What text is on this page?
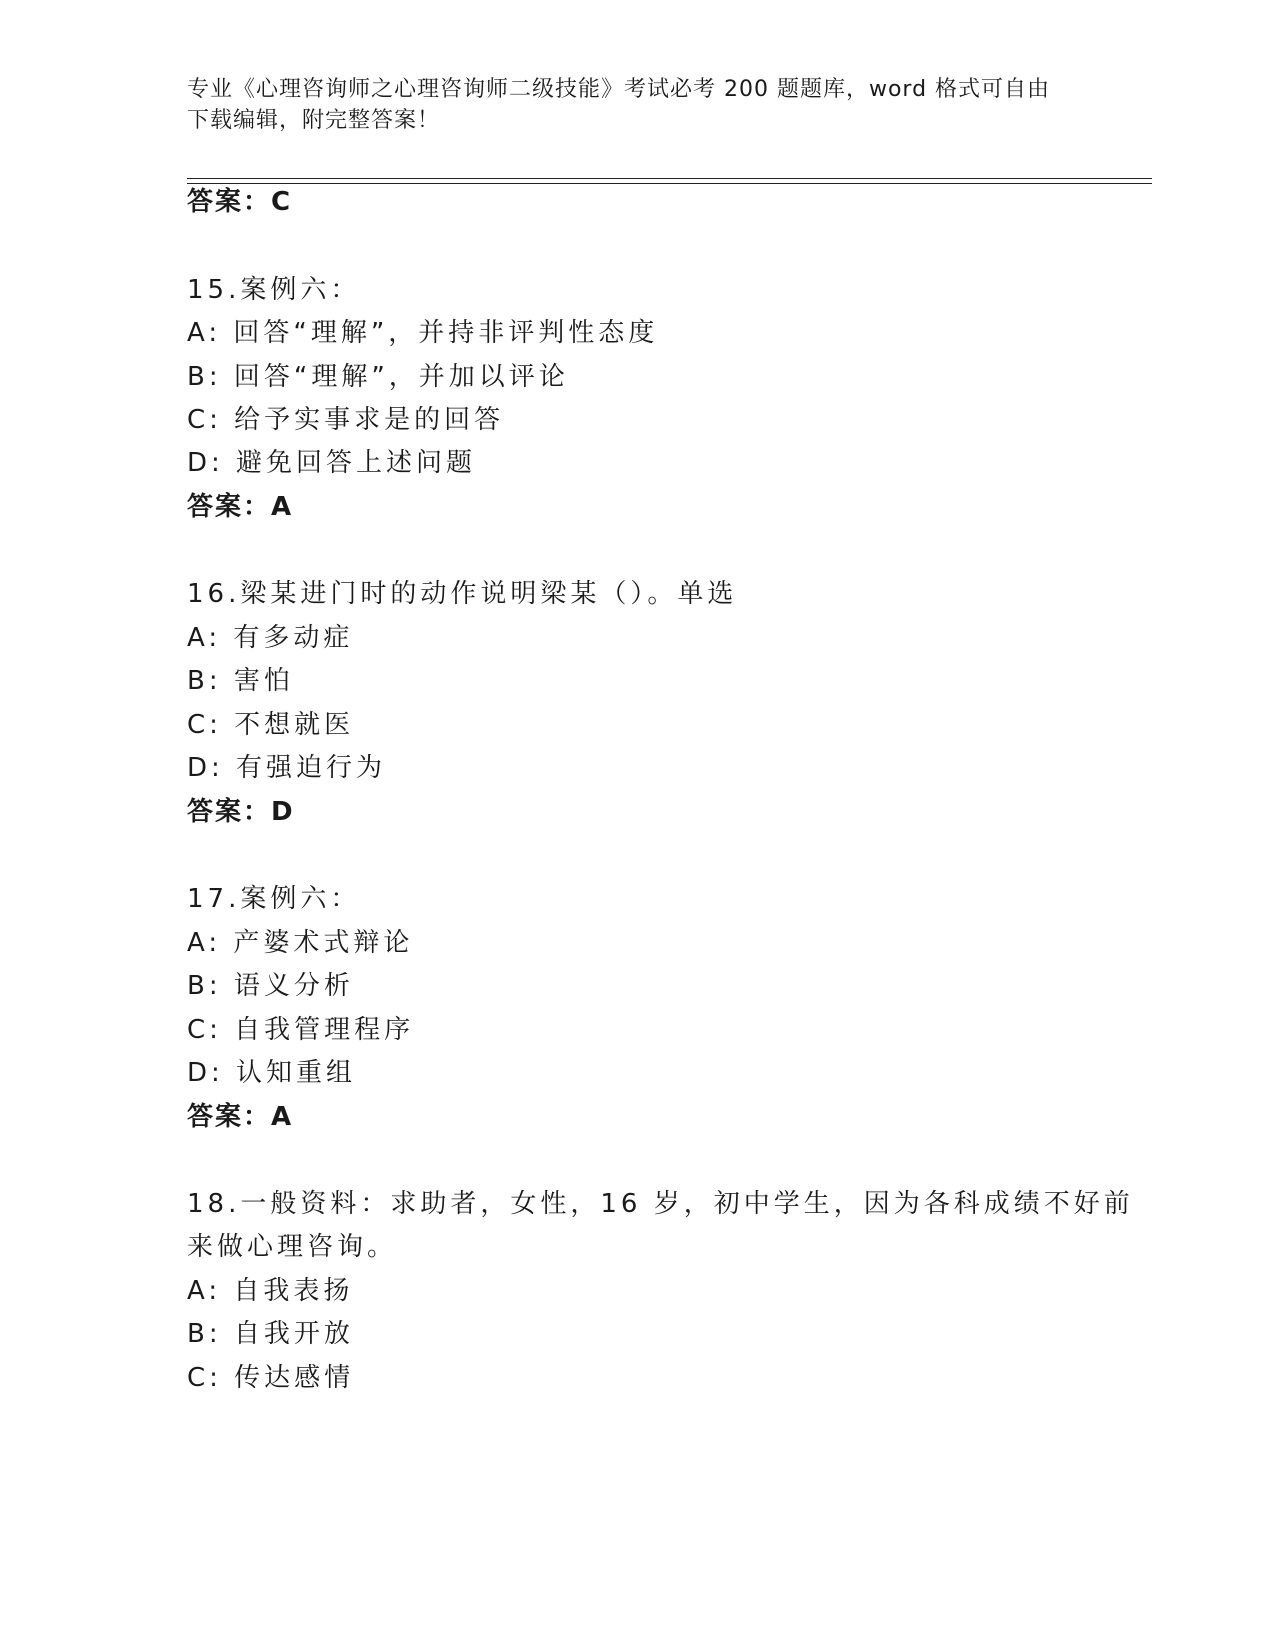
专业《心理咨询师之心理咨询师二级技能》考试必考 200 题题库，word 格式可自由下载编辑，附完整答案！
答案：C
15.案例六：
A: 回答“理解”，并持非评判性态度
B: 回答“理解”，并加以评论
C: 给予实事求是的回答
D: 避免回答上述问题
答案：A
16.梁某进门时的动作说明梁某（）。单选
A: 有多动症
B: 害怕
C: 不想就医
D: 有强迫行为
答案：D
17.案例六：
A: 产婆术式辩论
B: 语义分析
C: 自我管理程序
D: 认知重组
答案：A
18.一般资料：求助者，女性，16 岁，初中学生，因为各科成绩不好前
来做心理咨询。
A: 自我表扬
B: 自我开放
C: 传达感情
